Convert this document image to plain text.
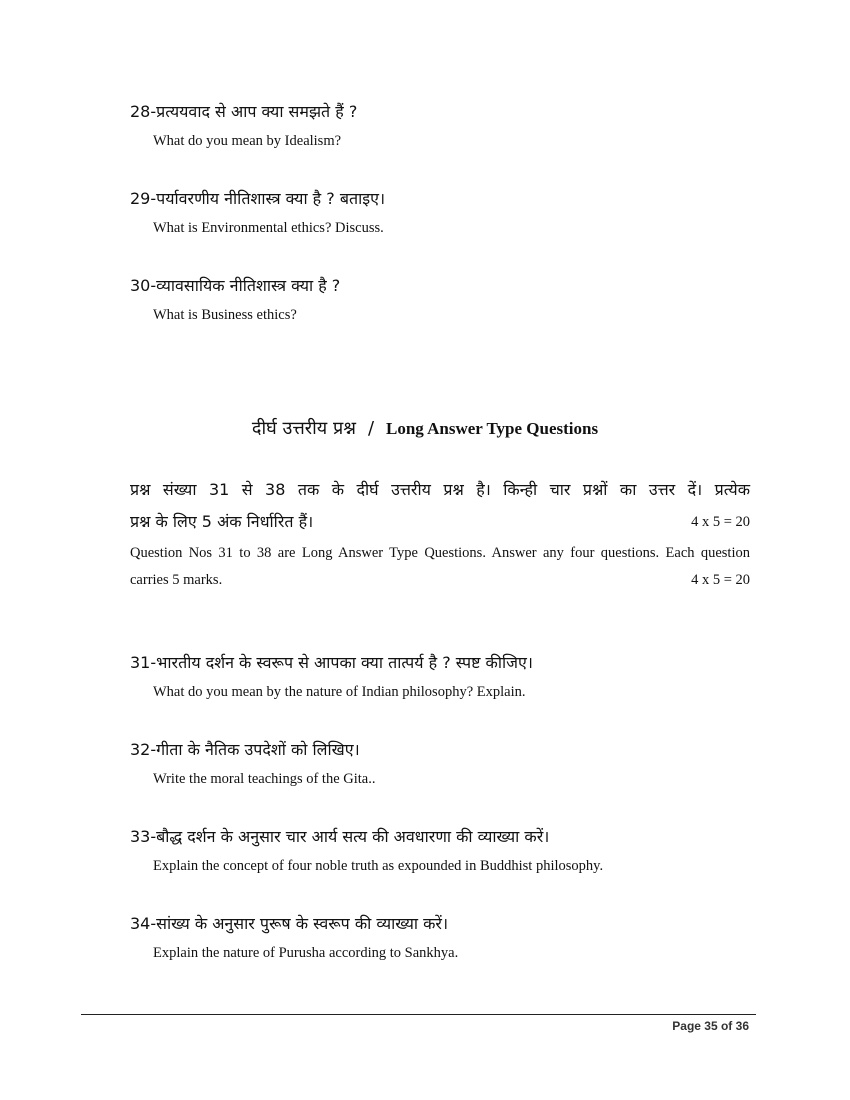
28-प्रत्ययवाद से आप क्या समझते हैं ?
What do you mean by Idealism?
29-पर्यावरणीय नीतिशास्त्र क्या है ? बताइए।
What is Environmental ethics? Discuss.
30-व्यावसायिक नीतिशास्त्र क्या है ?
What is Business ethics?
दीर्घ उत्तरीय प्रश्न / Long Answer Type Questions
प्रश्न संख्या 31 से 38 तक के दीर्घ उत्तरीय प्रश्न है। किन्ही चार प्रश्नों का उत्तर दें। प्रत्येक
प्रश्न के लिए 5 अंक निर्धारित हैं।	4 x 5 = 20
Question Nos 31 to 38 are Long Answer Type Questions. Answer any four questions. Each question
carries 5 marks.	4 x 5 = 20
31-भारतीय दर्शन के स्वरूप से आपका क्या तात्पर्य है ? स्पष्ट कीजिए।
What do you mean by the nature of Indian philosophy? Explain.
32-गीता के नैतिक उपदेशों को लिखिए।
Write the moral teachings of the Gita..
33-बौद्ध दर्शन के अनुसार चार आर्य सत्य की अवधारणा की व्याख्या करें।
Explain the concept of four noble truth as expounded in Buddhist philosophy.
34-सांख्य के अनुसार पुरूष के स्वरूप की व्याख्या करें।
Explain the nature of Purusha according to Sankhya.
Page 35 of 36
